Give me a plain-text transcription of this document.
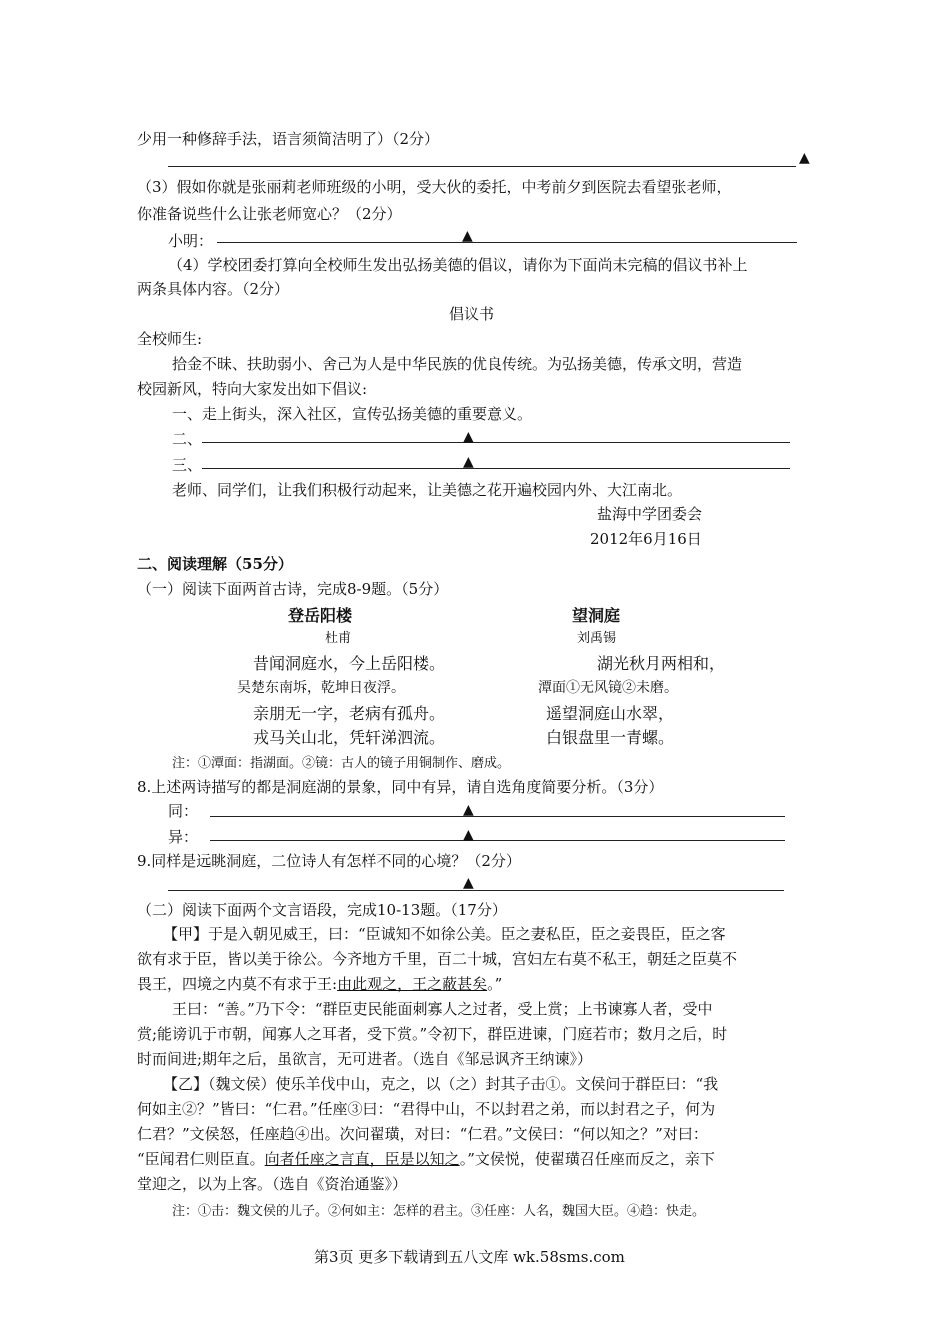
少用一种修辞手法，语言须简洁明了）（2分）
▲
（3）假如你就是张丽莉老师班级的小明，受大伙的委托，中考前夕到医院去看望张老师，
你准备说些什么让张老师宽心？（2分）
小明：	▲
（4）学校团委打算向全校师生发出弘扬美德的倡议，请你为下面尚未完稿的倡议书补上
两条具体内容。（2分）
倡议书
全校师生:
拾金不昧、扶助弱小、舍己为人是中华民族的优良传统。为弘扬美德，传承文明，营造
校园新风，特向大家发出如下倡议:
一、走上街头，深入社区，宣传弘扬美德的重要意义。
二、	▲
三、	▲
老师、同学们，让我们积极行动起来，让美德之花开遍校园内外、大江南北。
盐海中学团委会
2012年6月16日
二、阅读理解（55分）
（一）阅读下面两首古诗，完成8-9题。（5分）
登岳阳楼
杜甫
昔闻洞庭水，今上岳阳楼。
吴楚东南坼，乾坤日夜浮。
亲朋无一字，老病有孤舟。
戎马关山北，凭轩涕泗流。
望洞庭
刘禹锡
湖光秋月两相和，
潭面①无风镜②未磨。
遥望洞庭山水翠，
白银盘里一青螺。
注：①潭面：指湖面。②镜：古人的镜子用铜制作、磨成。
8.上述两诗描写的都是洞庭湖的景象，同中有异，请自选角度简要分析。（3分）
同：	▲
异：	▲
9.同样是远眺洞庭，二位诗人有怎样不同的心境？（2分）
▲
（二）阅读下面两个文言语段，完成10-13题。（17分）
【甲】于是入朝见威王，曰：“臣诚知不如徐公美。臣之妻私臣，臣之妾畏臣，臣之客
欲有求于臣，皆以美于徐公。今齐地方千里，百二十城，宫妇左右莫不私王，朝廷之臣莫不
畏王，四境之内莫不有求于王:由此观之，王之蔽甚矣。”
王曰：“善。”乃下令：“群臣吏民能面刺寡人之过者，受上赏；上书谏寡人者，受中
赏;能谤讥于市朝，闻寡人之耳者，受下赏。”令初下，群臣进谏，门庭若市；数月之后，时
时而间进;期年之后，虽欲言，无可进者。（选自《邹忌讽齐王纳谏》）
【乙】（魏文侯）使乐羊伐中山，克之，以（之）封其子击①。文侯问于群臣曰：“我
何如主②？”皆曰：“仁君。”任座③曰：“君得中山，不以封君之弟，而以封君之子，何为
仁君？”文侯怒，任座趋④出。次问翟璜，对曰：“仁君。”文侯曰：“何以知之？”对曰：
“臣闻君仁则臣直。向者任座之言直，臣是以知之。”文侯悦，使翟璜召任座而反之，亲下
堂迎之，以为上客。（选自《资治通鉴》）
注：①击：魏文侯的儿子。②何如主：怎样的君主。③任座：人名，魏国大臣。④趋：快走。
第3页 更多下载请到五八文库 wk.58sms.com
